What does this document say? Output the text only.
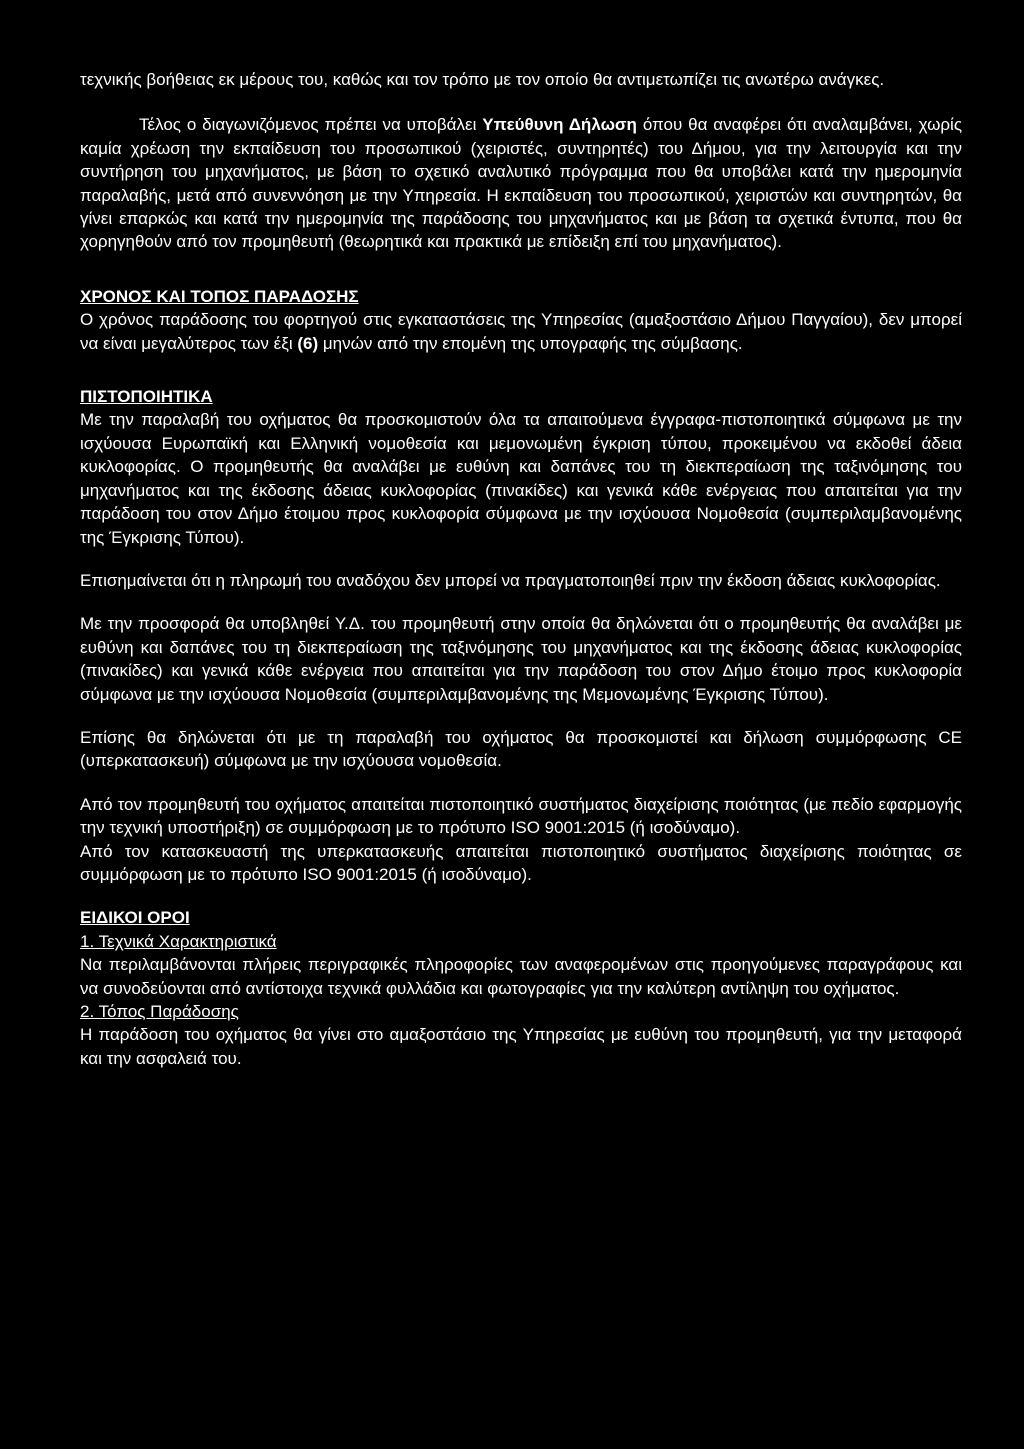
τεχνικής βοήθειας εκ μέρους του, καθώς και τον τρόπο με τον οποίο θα αντιμετωπίζει τις ανωτέρω ανάγκες.

Τέλος ο διαγωνιζόμενος πρέπει να υποβάλει Υπεύθυνη Δήλωση όπου θα αναφέρει ότι αναλαμβάνει, χωρίς καμία χρέωση την εκπαίδευση του προσωπικού (χειριστές, συντηρητές) του Δήμου, για την λειτουργία και την συντήρηση του μηχανήματος, με βάση το σχετικό αναλυτικό πρόγραμμα που θα υποβάλει κατά την ημερομηνία παραλαβής, μετά από συνεννόηση με την Υπηρεσία. Η εκπαίδευση του προσωπικού, χειριστών και συντηρητών, θα γίνει επαρκώς και κατά την ημερομηνία της παράδοσης του μηχανήματος και με βάση τα σχετικά έντυπα, που θα χορηγηθούν από τον προμηθευτή (θεωρητικά και πρακτικά με επίδειξη επί του μηχανήματος).

ΧΡΟΝΟΣ ΚΑΙ ΤΟΠΟΣ ΠΑΡΑΔΟΣΗΣ

Ο χρόνος παράδοσης του φορτηγού στις εγκαταστάσεις της Υπηρεσίας (αμαξοστάσιο Δήμου Παγγαίου), δεν μπορεί να είναι μεγαλύτερος των έξι (6) μηνών από την επομένη της υπογραφής της σύμβασης.

ΠΙΣΤΟΠΟΙΗΤΙΚΑ

Με την παραλαβή του οχήματος θα προσκομιστούν όλα τα απαιτούμενα έγγραφα-πιστοποιητικά σύμφωνα με την ισχύουσα Ευρωπαϊκή και Ελληνική νομοθεσία και μεμονωμένη έγκριση τύπου, προκειμένου να εκδοθεί άδεια κυκλοφορίας. Ο προμηθευτής θα αναλάβει με ευθύνη και δαπάνες του τη διεκπεραίωση της ταξινόμησης του μηχανήματος και της έκδοσης άδειας κυκλοφορίας (πινακίδες) και γενικά κάθε ενέργειας που απαιτείται για την παράδοση του στον Δήμο έτοιμου προς κυκλοφορία σύμφωνα με την ισχύουσα Νομοθεσία (συμπεριλαμβανομένης της Έγκρισης Τύπου).

Επισημαίνεται ότι η πληρωμή του αναδόχου δεν μπορεί να πραγματοποιηθεί πριν την έκδοση άδειας κυκλοφορίας.

Με την προσφορά θα υποβληθεί Υ.Δ. του προμηθευτή στην οποία θα δηλώνεται ότι ο προμηθευτής θα αναλάβει με ευθύνη και δαπάνες του τη διεκπεραίωση της ταξινόμησης του μηχανήματος και της έκδοσης άδειας κυκλοφορίας (πινακίδες) και γενικά κάθε ενέργεια που απαιτείται για την παράδοση του στον Δήμο έτοιμο προς κυκλοφορία σύμφωνα με την ισχύουσα Νομοθεσία (συμπεριλαμβανομένης της Μεμονωμένης Έγκρισης Τύπου).

Επίσης θα δηλώνεται ότι με τη παραλαβή του οχήματος θα προσκομιστεί και δήλωση συμμόρφωσης CE (υπερκατασκευή) σύμφωνα με την ισχύουσα νομοθεσία.

Από τον προμηθευτή του οχήματος απαιτείται πιστοποιητικό συστήματος διαχείρισης ποιότητας (με πεδίο εφαρμογής την τεχνική υποστήριξη) σε συμμόρφωση με το πρότυπο ISO 9001:2015 (ή ισοδύναμο).

Από τον κατασκευαστή της υπερκατασκευής απαιτείται πιστοποιητικό συστήματος διαχείρισης ποιότητας σε συμμόρφωση με το πρότυπο ISO 9001:2015 (ή ισοδύναμο).

ΕΙΔΙΚΟΙ ΟΡΟΙ

1. Τεχνικά Χαρακτηριστικά

Να περιλαμβάνονται πλήρεις περιγραφικές πληροφορίες των αναφερομένων στις προηγούμενες παραγράφους και να συνοδεύονται από αντίστοιχα τεχνικά φυλλάδια και φωτογραφίες για την καλύτερη αντίληψη του οχήματος.

2. Τόπος Παράδοσης

Η παράδοση του οχήματος θα γίνει στο αμαξοστάσιο της Υπηρεσίας με ευθύνη του προμηθευτή, για την μεταφορά και την ασφαλειά του.
